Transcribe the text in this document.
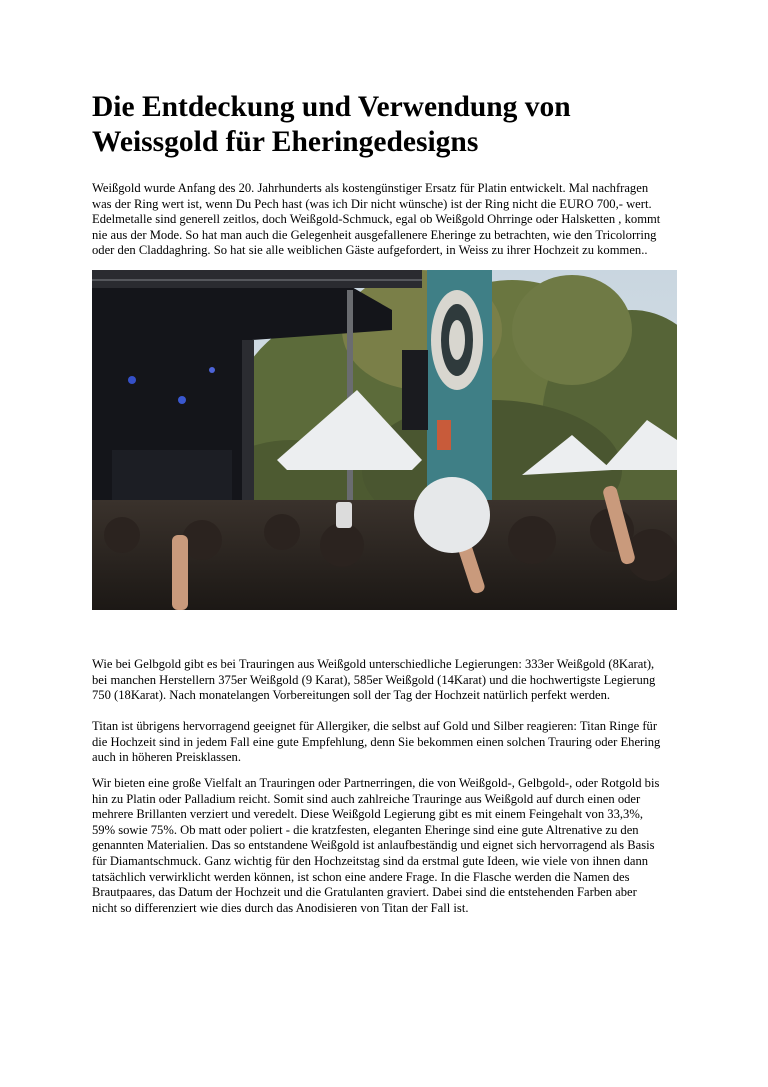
Die Entdeckung und Verwendung von
Weissgold für Eheringedesigns
Weißgold wurde Anfang des 20. Jahrhunderts als kostengünstiger Ersatz für Platin entwickelt. Mal nachfragen
was der Ring wert ist, wenn Du Pech hast (was ich Dir nicht wünsche) ist der Ring nicht die EURO 700,- wert.
Edelmetalle sind generell zeitlos, doch Weißgold-Schmuck, egal ob Weißgold Ohrringe oder Halsketten , kommt
nie aus der Mode. So hat man auch die Gelegenheit ausgefallenere Eheringe zu betrachten, wie den Tricolorring
oder den Claddaghring. So hat sie alle weiblichen Gäste aufgefordert, in Weiss zu ihrer Hochzeit zu kommen..
Wie bei Gelbgold gibt es bei Trauringen aus Weißgold unterschiedliche Legierungen: 333er Weißgold (8Karat),
bei manchen Herstellern 375er Weißgold (9 Karat), 585er Weißgold (14Karat) und die hochwertigste Legierung
750 (18Karat). Nach monatelangen Vorbereitungen soll der Tag der Hochzeit natürlich perfekt werden.
Titan ist übrigens hervorragend geeignet für Allergiker, die selbst auf Gold und Silber reagieren: Titan Ringe für
die Hochzeit sind in jedem Fall eine gute Empfehlung, denn Sie bekommen einen solchen Trauring oder Ehering
auch in höheren Preisklassen.
Wir bieten eine große Vielfalt an Trauringen oder Partnerringen, die von Weißgold-, Gelbgold-, oder Rotgold bis
hin zu Platin oder Palladium reicht. Somit sind auch zahlreiche Trauringe aus Weißgold auf durch einen oder
mehrere Brillanten verziert und veredelt. Diese Weißgold Legierung gibt es mit einem Feingehalt von 33,3%,
59% sowie 75%. Ob matt oder poliert - die kratzfesten, eleganten Eheringe sind eine gute Altrenative zu den
genannten Materialien. Das so entstandene Weißgold ist anlaufbeständig und eignet sich hervorragend als Basis
für Diamantschmuck. Ganz wichtig für den Hochzeitstag sind da erstmal gute Ideen, wie viele von ihnen dann
tatsächlich verwirklicht werden können, ist schon eine andere Frage. In die Flasche werden die Namen des
Brautpaares, das Datum der Hochzeit und die Gratulanten graviert. Dabei sind die entstehenden Farben aber
nicht so differenziert wie dies durch das Anodisieren von Titan der Fall ist.
